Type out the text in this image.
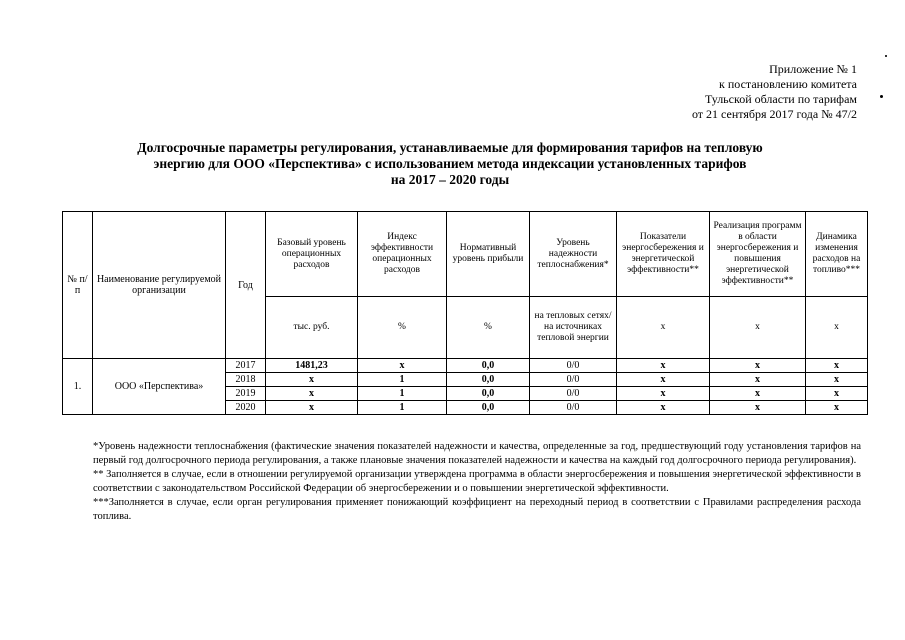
Приложение № 1
к постановлению комитета
Тульской области по тарифам
от 21 сентября 2017 года № 47/2
Долгосрочные параметры регулирования, устанавливаемые для формирования тарифов на тепловую
энергию для ООО «Перспектива» с использованием метода индексации установленных тарифов
на 2017 – 2020 годы
№ п/п	Наименование регулируемой организации	Год	Базовый уровень операционных расходов	Индекс эффективности операционных расходов	Нормативный уровень прибыли	Уровень надежности теплоснабжения*	Показатели энергосбережения и энергетической эффективности**	Реализация программ в области энергосбережения и повышения энергетической эффективности**	Динамика изменения расходов на топливо***
			тыс. руб.	%	%	на тепловых сетях/на источниках тепловой энергии	х	х	х
1.	ООО «Перспектива»	2017	1481,23	х	0,0	0/0	х	х	х
		2018	х	1	0,0	0/0	х	х	х
		2019	х	1	0,0	0/0	х	х	х
		2020	х	1	0,0	0/0	х	х	х

*Уровень надежности теплоснабжения (фактические значения показателей надежности и качества, определенные за год, предшествующий году установления тарифов на первый год долгосрочного периода регулирования, а также плановые значения показателей надежности и качества на каждый год долгосрочного периода регулирования).

** Заполняется в случае, если в отношении регулируемой организации утверждена программа в области энергосбережения и повышения энергетической эффективности в соответствии с законодательством Российской Федерации об энергосбережении и о повышении энергетической эффективности.

***Заполняется в случае, если орган регулирования применяет понижающий коэффициент на переходный период в соответствии с Правилами распределения расхода топлива.
